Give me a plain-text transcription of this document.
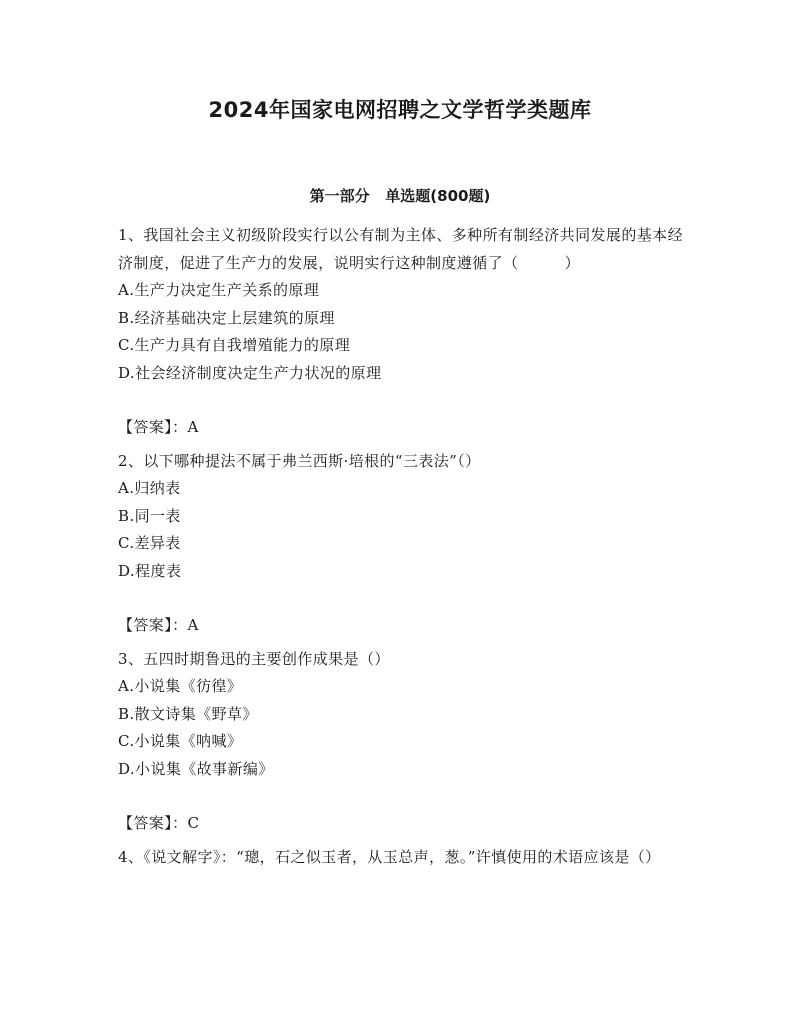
2024年国家电网招聘之文学哲学类题库
第一部分   单选题(800题)
1、我国社会主义初级阶段实行以公有制为主体、多种所有制经济共同发展的基本经济制度，促进了生产力的发展，说明实行这种制度遵循了（　　　）
A.生产力决定生产关系的原理
B.经济基础决定上层建筑的原理
C.生产力具有自我增殖能力的原理
D.社会经济制度决定生产力状况的原理
【答案】：A
2、以下哪种提法不属于弗兰西斯·培根的“三表法”（）
A.归纳表
B.同一表
C.差异表
D.程度表
【答案】：A
3、五四时期鲁迅的主要创作成果是（）
A.小说集《彷徨》
B.散文诗集《野草》
C.小说集《呐喊》
D.小说集《故事新编》
【答案】：C
4、《说文解字》：“璁，石之似玉者，从玉总声，葱。”许慎使用的术语应该是（）
